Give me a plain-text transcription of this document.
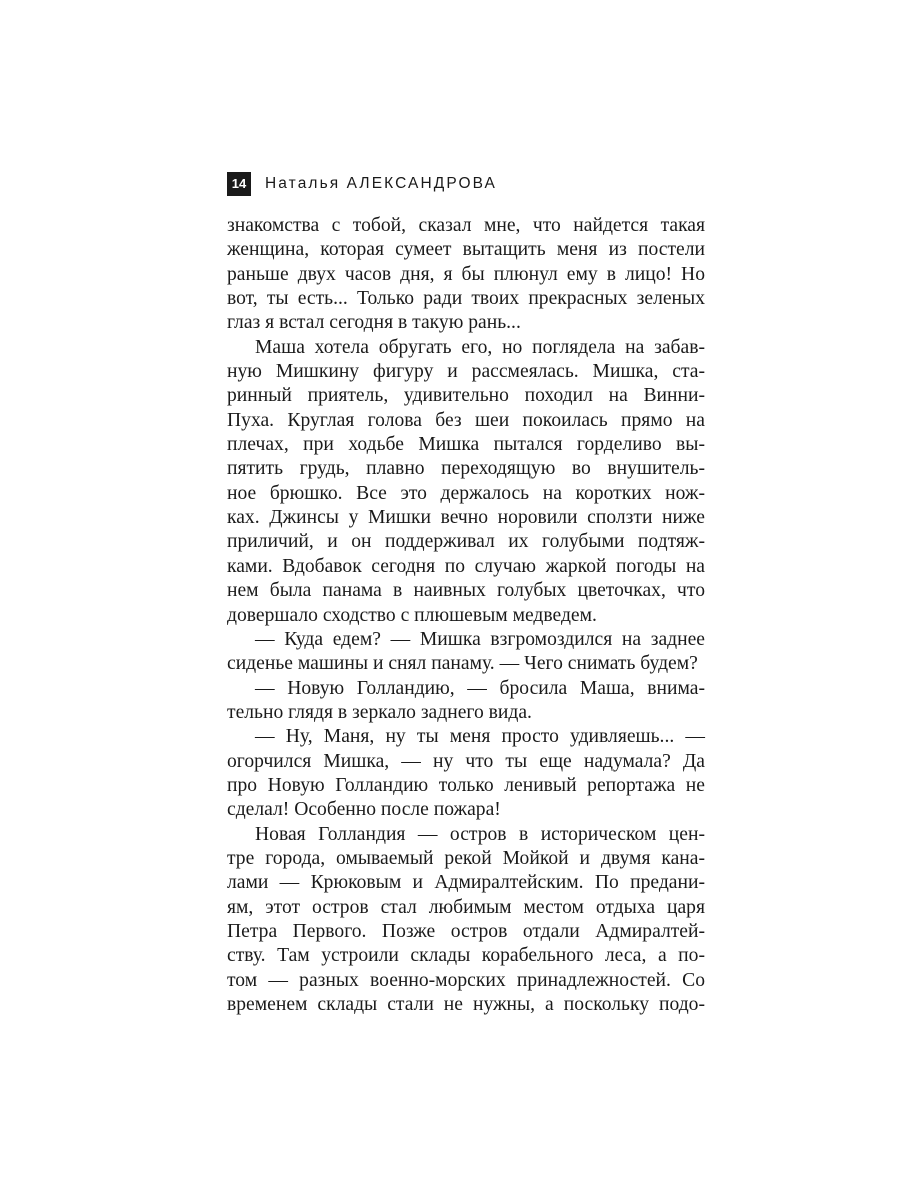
14	Наталья АЛЕКСАНДРОВА
знакомства с тобой, сказал мне, что найдется такая
женщина, которая сумеет вытащить меня из постели
раньше двух часов дня, я бы плюнул ему в лицо! Но
вот, ты есть... Только ради твоих прекрасных зеленых
глаз я встал сегодня в такую рань...
Маша хотела обругать его, но поглядела на забав-
ную Мишкину фигуру и рассмеялась. Мишка, ста-
ринный приятель, удивительно походил на Винни-
Пуха. Круглая голова без шеи покоилась прямо на
плечах, при ходьбе Мишка пытался горделиво вы-
пятить грудь, плавно переходящую во внушитель-
ное брюшко. Все это держалось на коротких нож-
ках. Джинсы у Мишки вечно норовили сползти ниже
приличий, и он поддерживал их голубыми подтяж-
ками. Вдобавок сегодня по случаю жаркой погоды на
нем была панама в наивных голубых цветочках, что
довершало сходство с плюшевым медведем.
— Куда едем? — Мишка взгромоздился на заднее
сиденье машины и снял панаму. — Чего снимать будем?
— Новую Голландию, — бросила Маша, внима-
тельно глядя в зеркало заднего вида.
— Ну, Маня, ну ты меня просто удивляешь... —
огорчился Мишка, — ну что ты еще надумала? Да
про Новую Голландию только ленивый репортажа не
сделал! Особенно после пожара!
Новая Голландия — остров в историческом цен-
тре города, омываемый рекой Мойкой и двумя кана-
лами — Крюковым и Адмиралтейским. По предани-
ям, этот остров стал любимым местом отдыха царя
Петра Первого. Позже остров отдали Адмиралтей-
ству. Там устроили склады корабельного леса, а по-
том — разных военно-морских принадлежностей. Со
временем склады стали не нужны, а поскольку подо-
